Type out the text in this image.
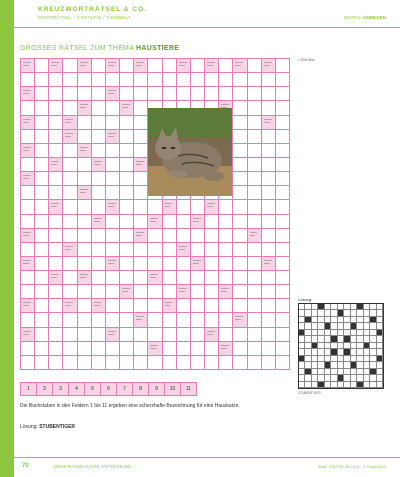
KREUZWORTRÄTSEL & CO.
WORTRÄTSEL / 4-SPALTIG / TIERWELT	DIGITAL /ANREGEN
GROSSES RÄTSEL ZUM THEMA HAUSTIERE
1 Pfeil-Box
1	2	3	4	5	6	7	8	9	10	11
Die Buchstaben in den Feldern 1 bis 11 ergeben eine scherzhafte Bezeichnung für eine Hauskatze.
Lösung: STUBENTIGER
Lösung:
STUBENTIGER
70	DENK-RÄTSELKATZE 7/4 FRÜHLING	Seite : RÄTSELBLOCK - © Kaya/2012
